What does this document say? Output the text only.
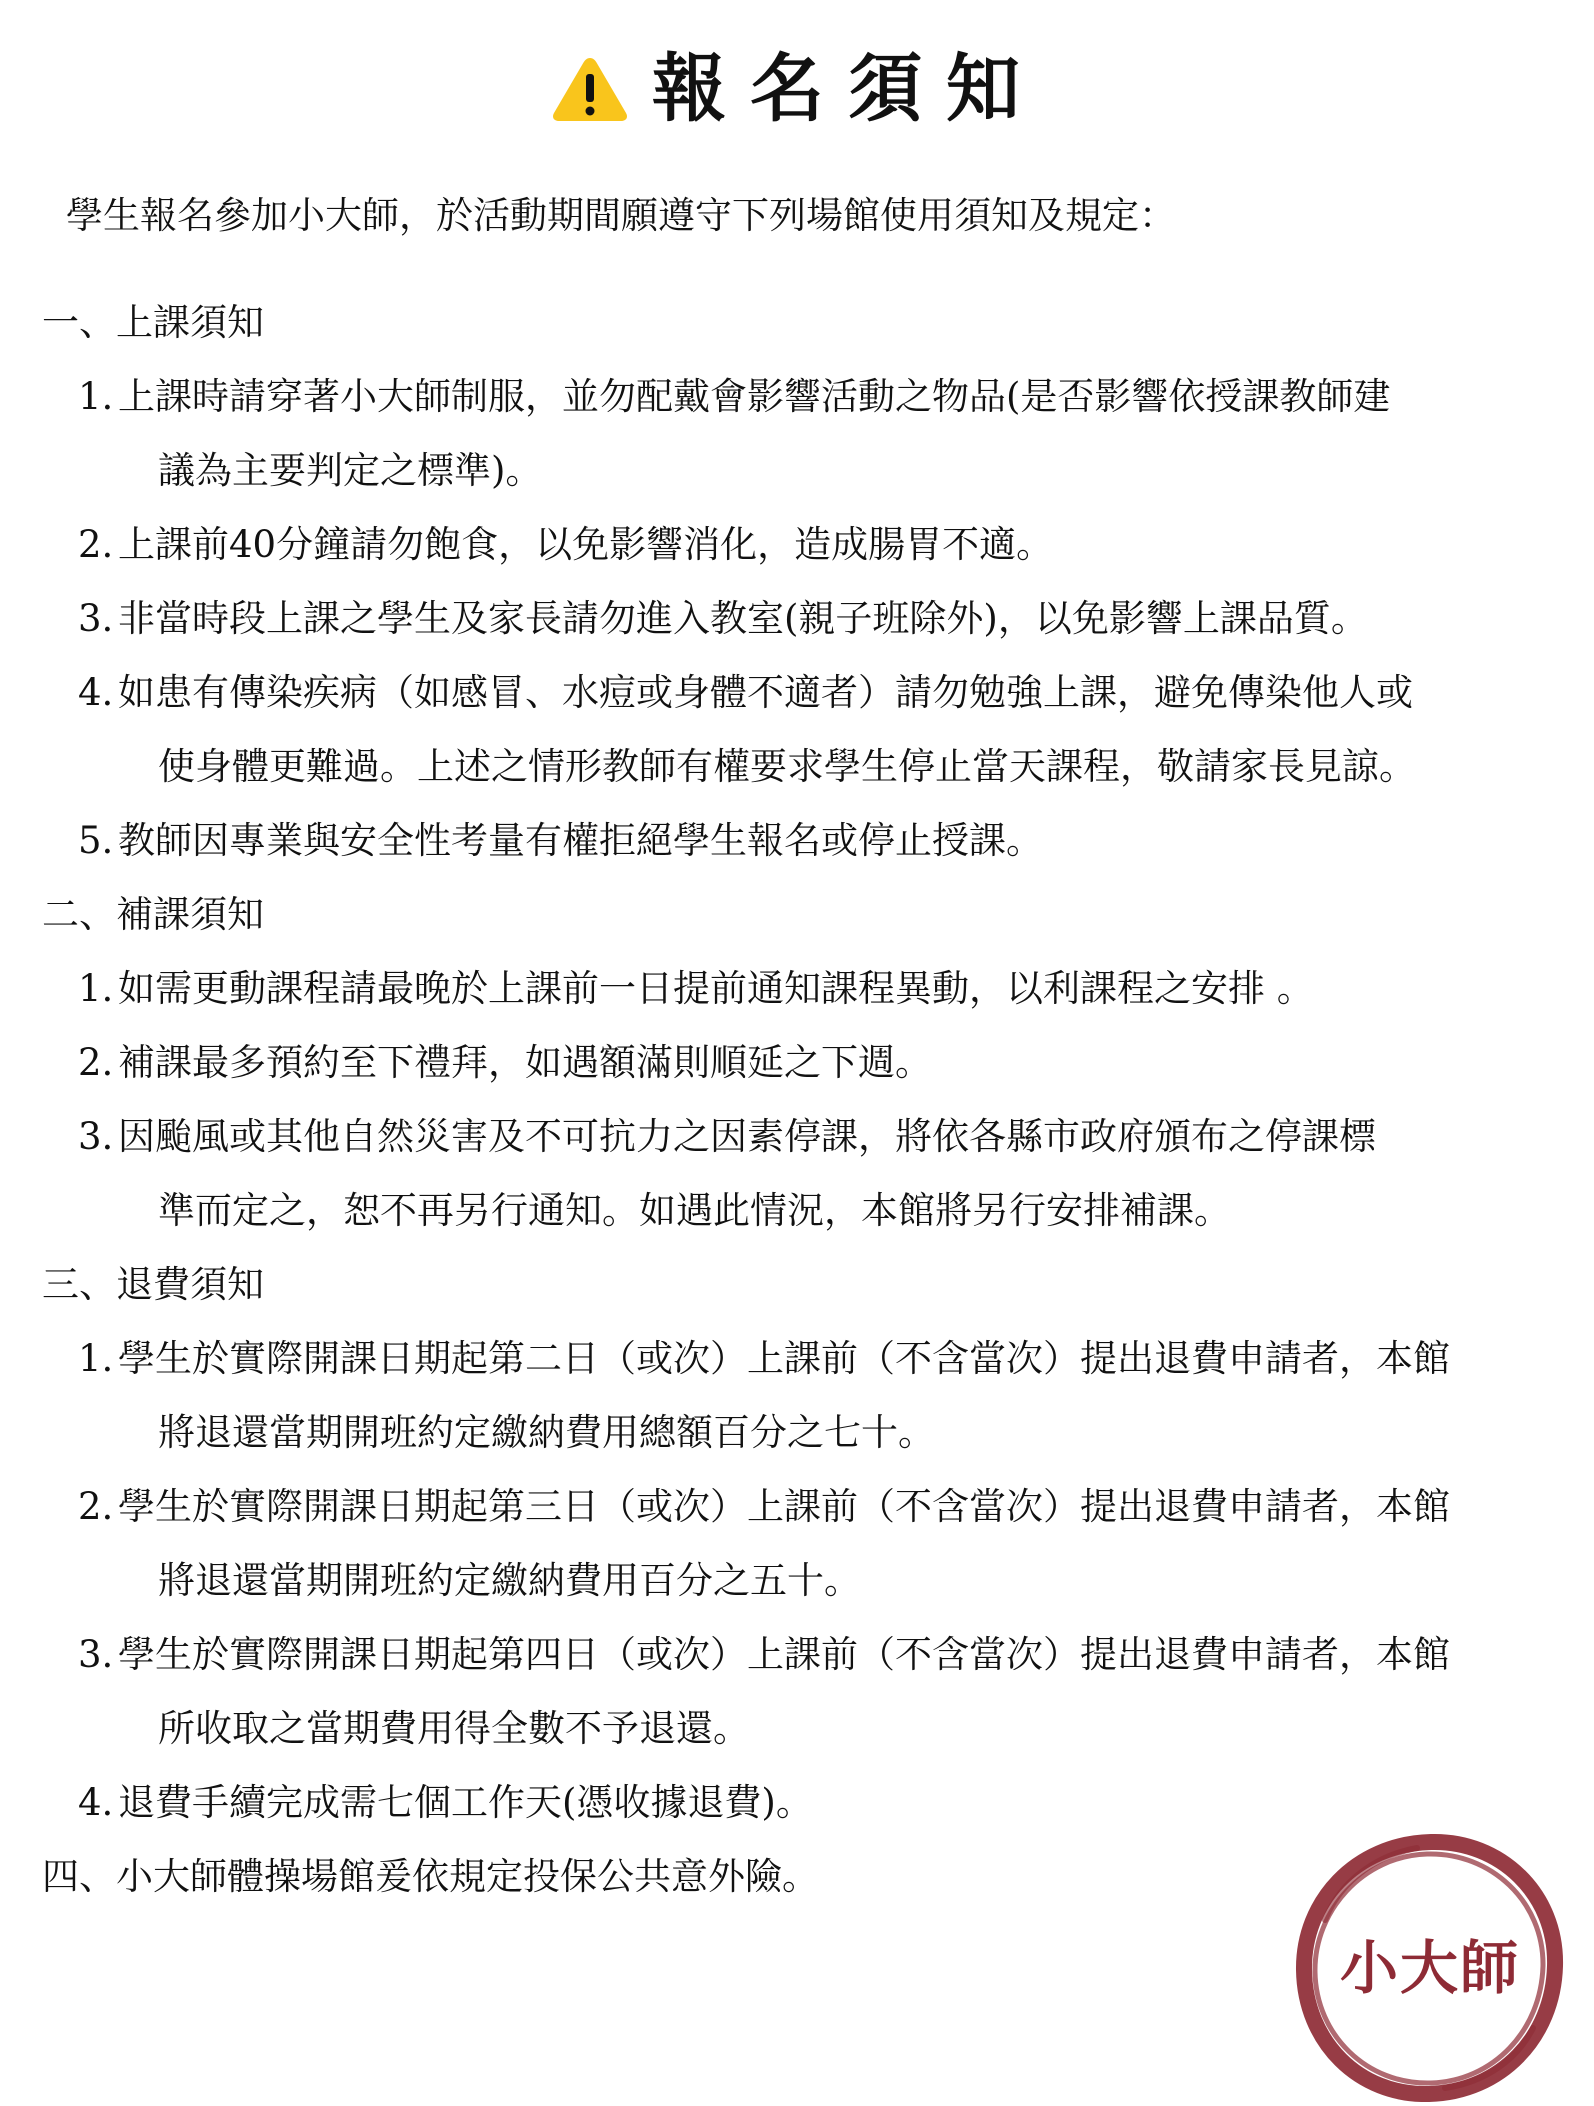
報名須知
學生報名參加小大師，於活動期間願遵守下列場館使用須知及規定：
一、上課須知
1. 上課時請穿著小大師制服，並勿配戴會影響活動之物品(是否影響依授課教師建
議為主要判定之標準)。
2. 上課前40分鐘請勿飽食，以免影響消化，造成腸胃不適。
3. 非當時段上課之學生及家長請勿進入教室(親子班除外)，以免影響上課品質。
4. 如患有傳染疾病（如感冒、水痘或身體不適者）請勿勉強上課，避免傳染他人或
使身體更難過。上述之情形教師有權要求學生停止當天課程，敬請家長見諒。
5. 教師因專業與安全性考量有權拒絕學生報名或停止授課。
二、補課須知
1. 如需更動課程請最晚於上課前一日提前通知課程異動，以利課程之安排 。
2. 補課最多預約至下禮拜，如遇額滿則順延之下週。
3. 因颱風或其他自然災害及不可抗力之因素停課，將依各縣市政府頒布之停課標
準而定之，恕不再另行通知。如遇此情況，本館將另行安排補課。
三、退費須知
1. 學生於實際開課日期起第二日（或次）上課前（不含當次）提出退費申請者，本館
將退還當期開班約定繳納費用總額百分之七十。
2. 學生於實際開課日期起第三日（或次）上課前（不含當次）提出退費申請者，本館
將退還當期開班約定繳納費用百分之五十。
3. 學生於實際開課日期起第四日（或次）上課前（不含當次）提出退費申請者，本館
所收取之當期費用得全數不予退還。
4. 退費手續完成需七個工作天(憑收據退費)。
四、小大師體操場館爰依規定投保公共意外險。
小大師
